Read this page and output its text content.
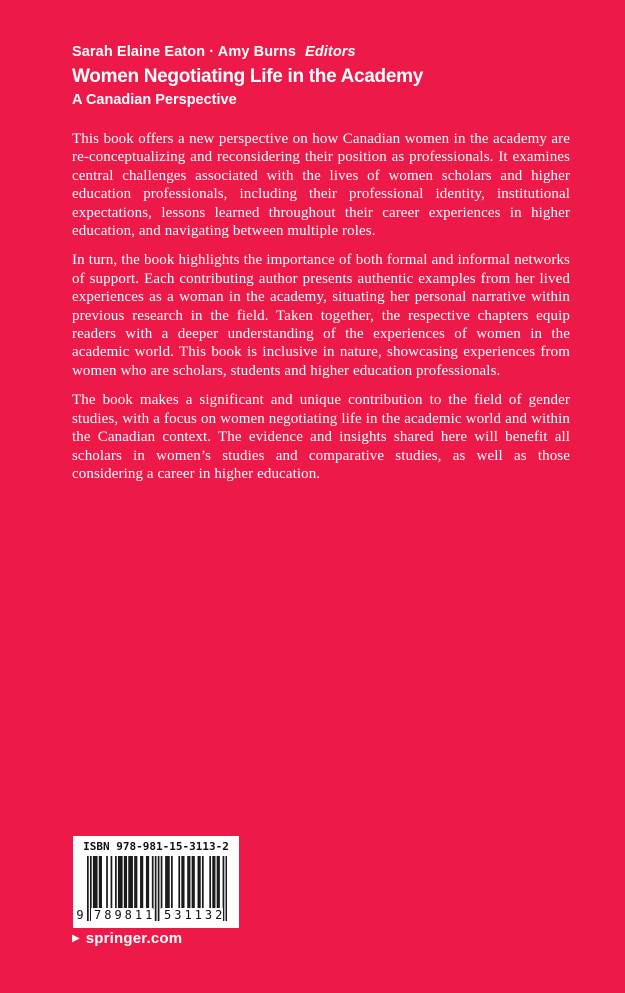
Sarah Elaine Eaton · Amy Burns Editors
Women Negotiating Life in the Academy
A Canadian Perspective

This book offers a new perspective on how Canadian women in the academy are re-conceptualizing and reconsidering their position as professionals. It examines central challenges associated with the lives of women scholars and higher education professionals, including their professional identity, institutional expectations, lessons learned throughout their career experiences in higher education, and navigating between multiple roles.

In turn, the book highlights the importance of both formal and informal networks of support. Each contributing author presents authentic examples from her lived experiences as a woman in the academy, situating her personal narrative within previous research in the field. Taken together, the respective chapters equip readers with a deeper understanding of the experiences of women in the academic world. This book is inclusive in nature, showcasing experiences from women who are scholars, students and higher education professionals.

The book makes a significant and unique contribution to the field of gender studies, with a focus on women negotiating life in the academic world and within the Canadian context. The evidence and insights shared here will benefit all scholars in women’s studies and comparative studies, as well as those considering a career in higher education.

ISBN 978-981-15-3113-2
9 789811 531132
▶ springer.com
